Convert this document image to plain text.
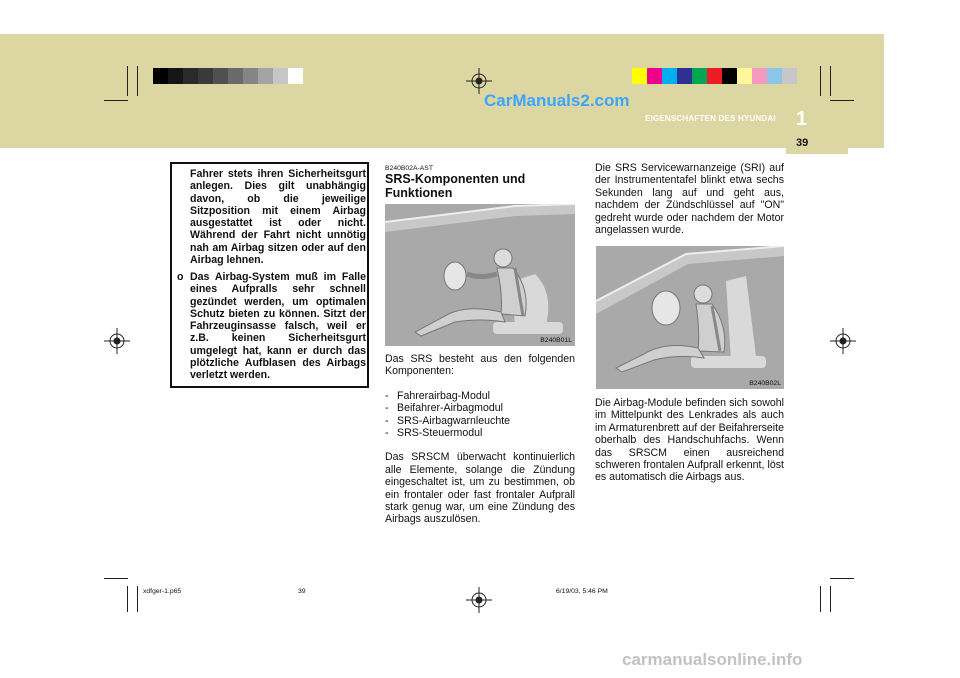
1
EIGENSCHAFTEN DES HYUNDAI
39
CarManuals2.com

Fahrer stets ihren Sicherheitsgurt anlegen. Dies gilt unabhängig davon, ob die jeweilige Sitzposition mit einem Airbag ausgestattet ist oder nicht. Während der Fahrt nicht unnötig nah am Airbag sitzen oder auf den Airbag lehnen.

o Das Airbag-System muß im Falle eines Aufpralls sehr schnell gezündet werden, um optimalen Schutz bieten zu können. Sitzt der Fahrzeuginsasse falsch, weil er z.B. keinen Sicherheitsgurt umgelegt hat, kann er durch das plötzliche Aufblasen des Airbags verletzt werden.

B240B02A-AST
SRS-Komponenten und Funktionen
B240B01L

Das SRS besteht aus den folgenden Komponenten:

- Fahrerairbag-Modul
- Beifahrer-Airbagmodul
- SRS-Airbagwarnleuchte
- SRS-Steuermodul

Das SRSCM überwacht kontinuierlich alle Elemente, solange die Zündung eingeschaltet ist, um zu bestimmen, ob ein frontaler oder fast frontaler Aufprall stark genug war, um eine Zündung des Airbags auszulösen.

Die SRS Servicewarnanzeige (SRI) auf der Instrumententafel blinkt etwa sechs Sekunden lang auf und geht aus, nachdem der Zündschlüssel auf "ON" gedreht wurde oder nachdem der Motor angelassen wurde.

B240B02L

Die Airbag-Module befinden sich sowohl im Mittelpunkt des Lenkrades als auch im Armaturenbrett auf der Beifahrerseite oberhalb des Handschuhfachs. Wenn das SRSCM einen ausreichend schweren frontalen Aufprall erkennt, löst es automatisch die Airbags aus.

xdfger-1.p65	39	6/19/03, 5:46 PM
carmanualsonline.info
